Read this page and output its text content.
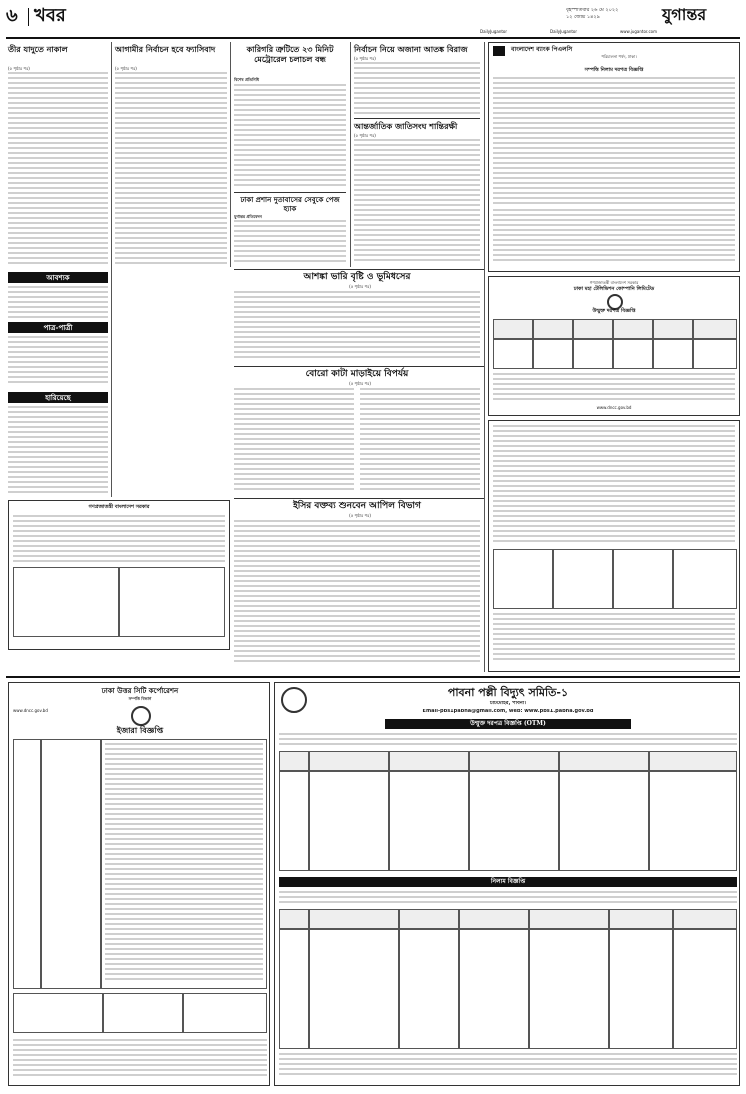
৬ খবর	বৃহস্পতিবার ২৬ মে ২০২২
১২ জ্যৈষ্ঠ ১৪২৯	যুগান্তর
DailyJugantor	DailyJugantor	www.jugantor.com
তীর যাদুতে নাকাল
(৫ পৃষ্ঠার পর)
আবশ্যক
পাত্র-পাত্রী
হারিয়েছে
আগামীর নির্বাচন হবে ফ্যাসিবাদ
(৫ পৃষ্ঠার পর)
কারিগরি ত্রুটিতে ২৩ মিনিট মেট্রোরেল চলাচল বন্ধ
বিশেষ প্রতিনিধি
ঢাকা প্রশান দুতাবাসের সেবুকে পেজ হ্যাক
যুগান্তর প্রতিবেদন
নির্বাচন নিয়ে অজানা আতঙ্ক বিরাজ
(৫ পৃষ্ঠার পর)
আন্তর্জাতিক জাতিসংঘ শান্তিরক্ষী
(৫ পৃষ্ঠার পর)
বাংলাদেশ ব্যাংক পিএলসি
পরিচালনা পর্ষদ, ঢাকা।
সম্পত্তি নিলাম দরপত্র বিজ্ঞপ্তি
গণপ্রজাতন্ত্রী বাংলাদেশ সরকার
ঢাকা মহা টেলিভিশন কোম্পানি লিমিটেড
উন্মুক্ত দরপত্র বিজ্ঞপ্তি
www.dncc.gov.bd
আশঙ্কা ভারি বৃষ্টি ও ভূমিধসের
(৫ পৃষ্ঠার পর)
বোরো কাটা মাড়াইয়ে বিপর্যয়
(৫ পৃষ্ঠার পর)
গণপ্রজাতন্ত্রী বাংলাদেশ সরকার	ইসির বক্তব্য শুনবেন আপিল বিভাগ
(৫ পৃষ্ঠার পর)
ঢাকা উত্তর সিটি কর্পোরেশন
সম্পত্তি বিভাগ
www.dncc.gov.bd
ইজারা বিজ্ঞপ্তি
পাবনা পল্লী বিদ্যুৎ সমিতি-১
চাটমোহর, পাবনা।
Email-pbs1pabna@gmail.com, web: www.pbs1.pabna.gov.bd
উন্মুক্ত দরপত্র বিজ্ঞপ্তি (OTM)
নিলাম বিজ্ঞপ্তি
